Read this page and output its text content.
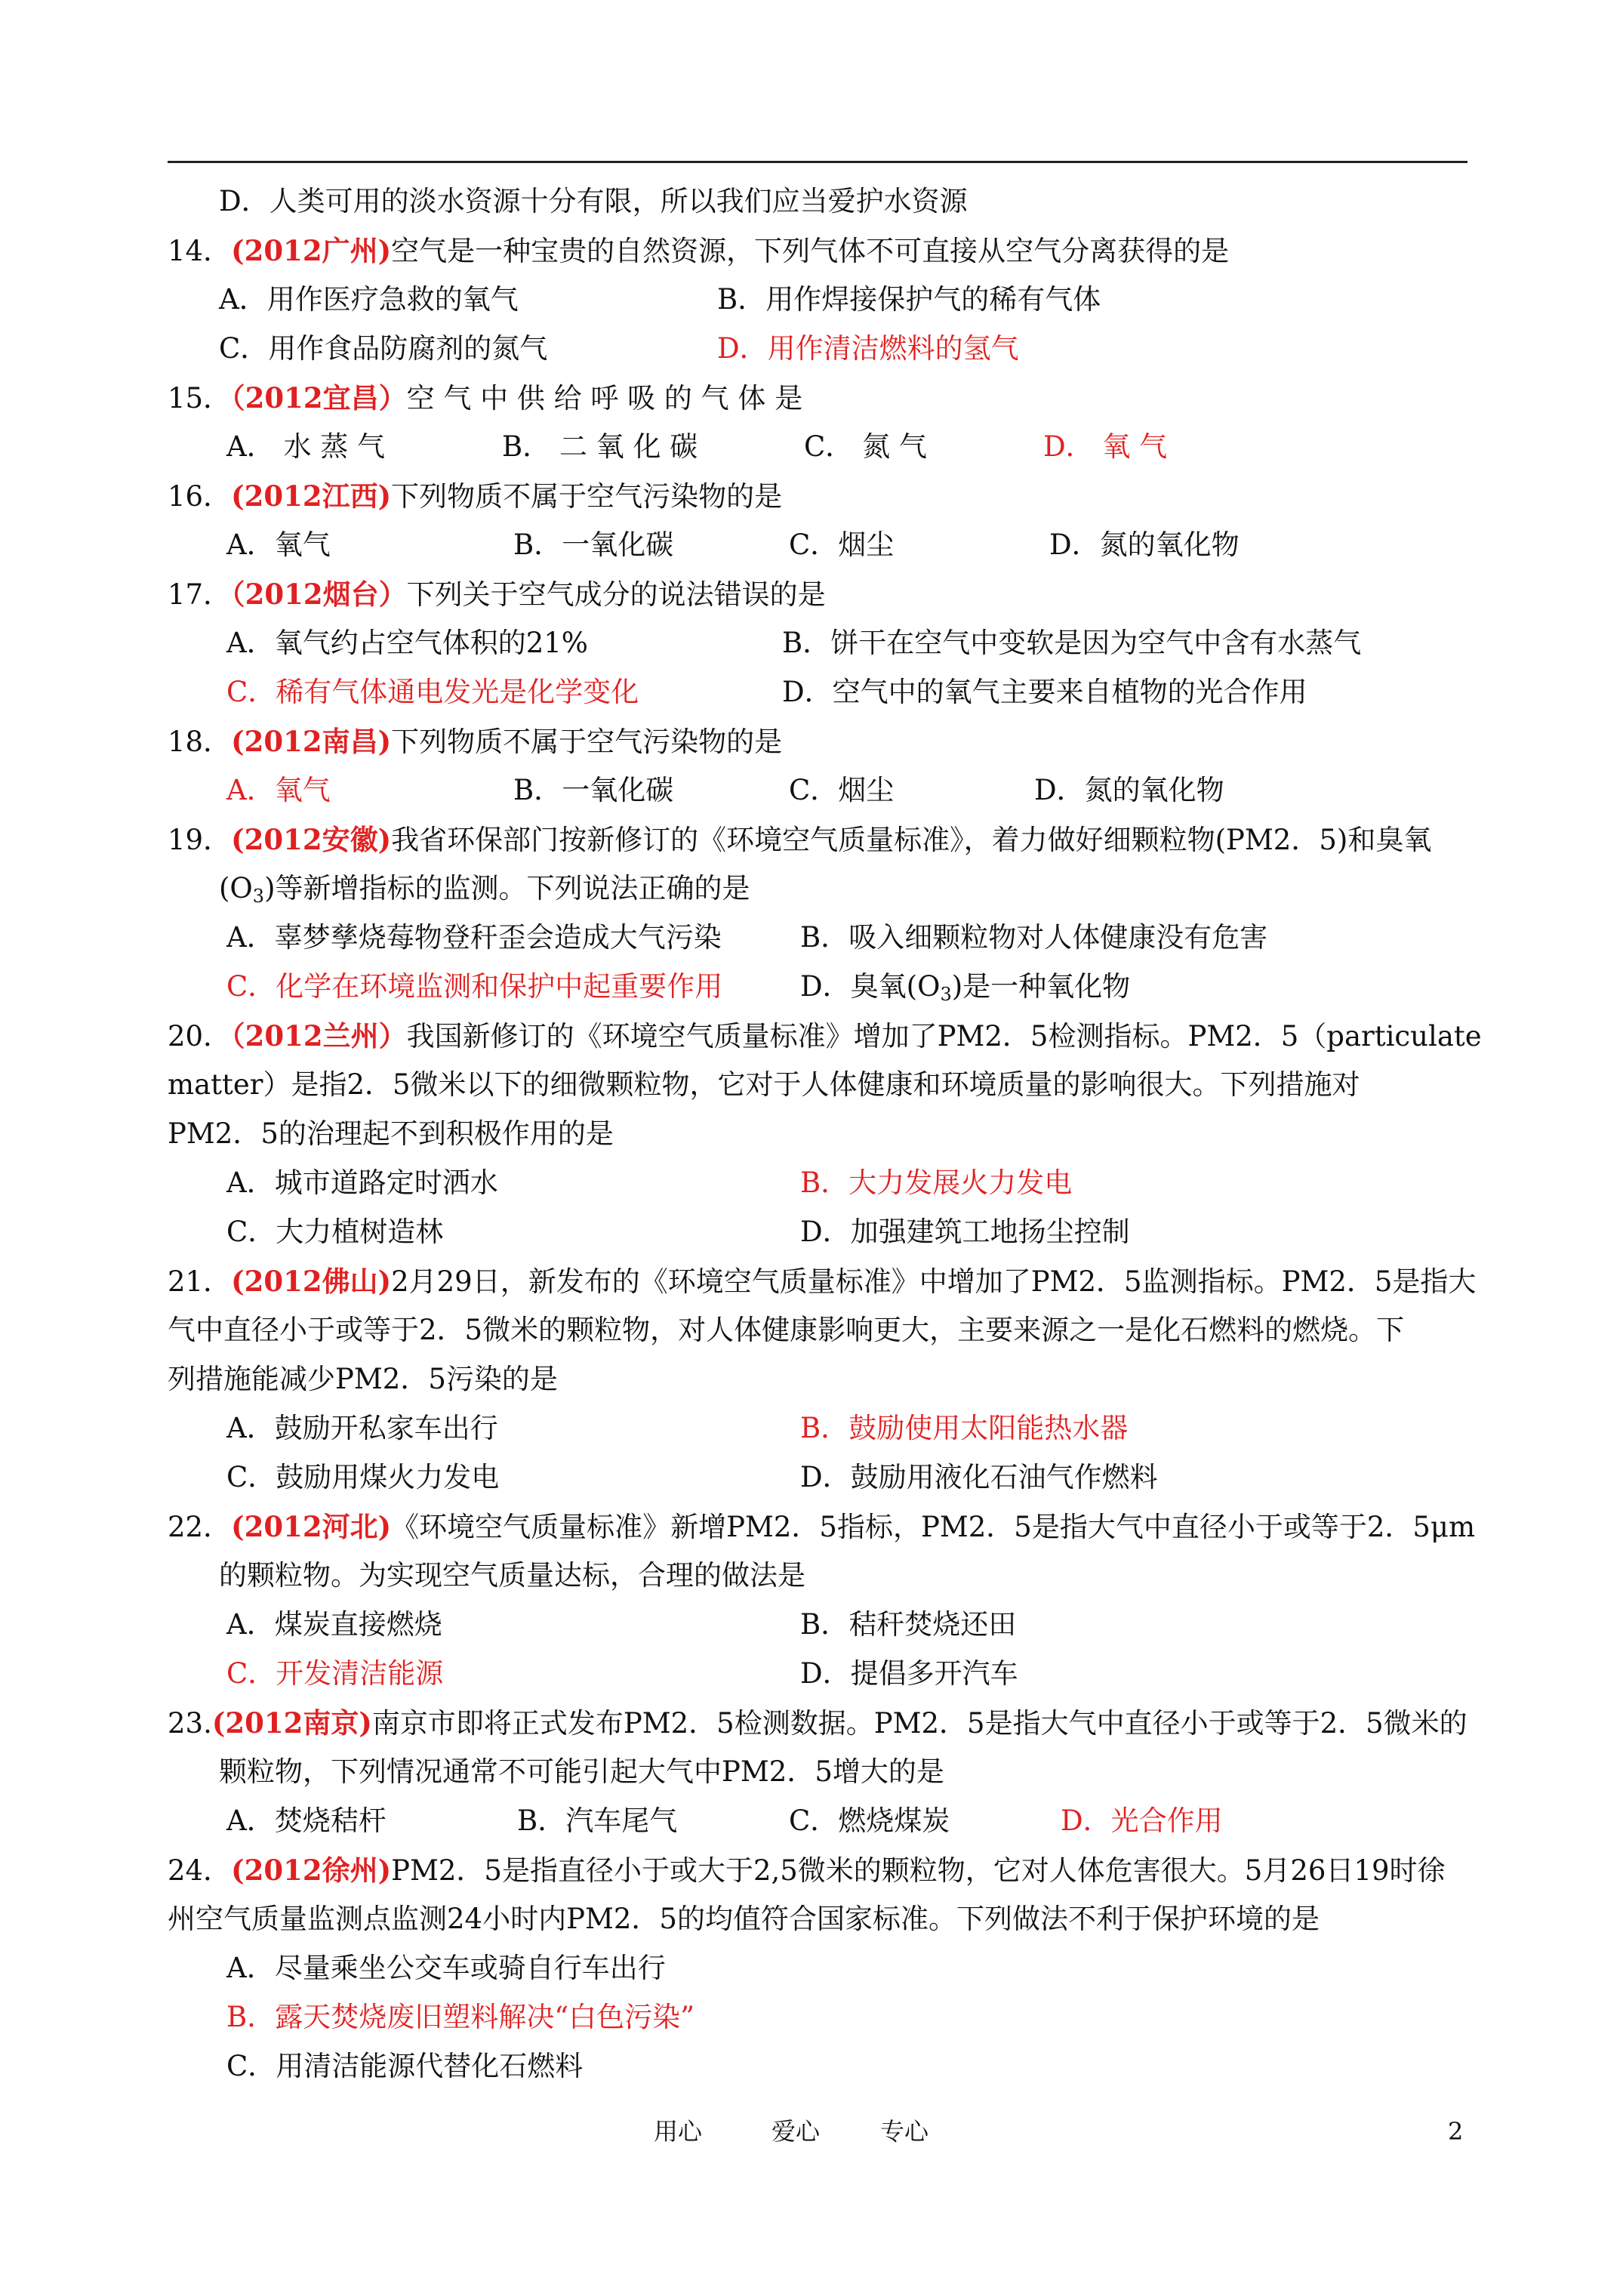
D．人类可用的淡水资源十分有限，所以我们应当爱护水资源
14．(2012广州)空气是一种宝贵的自然资源，下列气体不可直接从空气分离获得的是
A．用作医疗急救的氧气	B．用作焊接保护气的稀有气体
C．用作食品防腐剂的氮气	D．用作清洁燃料的氢气
15．（2012宜昌）空 气 中 供 给 呼 吸 的 气 体 是
A． 水 蒸 气	B． 二 氧 化 碳	C． 氮 气	D． 氧 气
16．(2012江西)下列物质不属于空气污染物的是
A．氧气	B．一氧化碳	C．烟尘	D．氮的氧化物
17．（2012烟台）下列关于空气成分的说法错误的是
A．氧气约占空气体积的21%	B．饼干在空气中变软是因为空气中含有水蒸气
C．稀有气体通电发光是化学变化	D．空气中的氧气主要来自植物的光合作用
18．(2012南昌)下列物质不属于空气污染物的是
A．氧气	B．一氧化碳	C．烟尘	D．氮的氧化物
19．(2012安徽)我省环保部门按新修订的《环境空气质量标准》，着力做好细颗粒物(PM2．5)和臭氧
$(O_3)$等新增指标的监测。下列说法正确的是
A．辜梦孳烧莓物登秆歪会造成大气污染	B．吸入细颗粒物对人体健康没有危害
C．化学在环境监测和保护中起重要作用	D．臭氧$(O_3)$是一种氧化物
20．（2012兰州）我国新修订的《环境空气质量标准》增加了PM2．5检测指标。PM2．5（particulate
matter）是指2．5微米以下的细微颗粒物，它对于人体健康和环境质量的影响很大。下列措施对
PM2．5的治理起不到积极作用的是
A．城市道路定时洒水	B．大力发展火力发电
C．大力植树造林	D．加强建筑工地扬尘控制
21．(2012佛山)2月29日，新发布的《环境空气质量标准》中增加了PM2．5监测指标。PM2．5是指大
气中直径小于或等于2．5微米的颗粒物，对人体健康影响更大，主要来源之一是化石燃料的燃烧。下
列措施能减少PM2．5污染的是
A．鼓励开私家车出行	B．鼓励使用太阳能热水器
C．鼓励用煤火力发电	D．鼓励用液化石油气作燃料
22．(2012河北)《环境空气质量标准》新增PM2．5指标，PM2．5是指大气中直径小于或等于2．5μm
的颗粒物。为实现空气质量达标，合理的做法是
A．煤炭直接燃烧	B．秸秆焚烧还田
C．开发清洁能源	D．提倡多开汽车
23.(2012南京)南京市即将正式发布PM2．5检测数据。PM2．5是指大气中直径小于或等于2．5微米的
颗粒物，下列情况通常不可能引起大气中PM2．5增大的是
A．焚烧秸杆	B．汽车尾气	C．燃烧煤炭	D．光合作用
24．(2012徐州)PM2．5是指直径小于或大于2,5微米的颗粒物，它对人体危害很大。5月26日19时徐
州空气质量监测点监测24小时内PM2．5的均值符合国家标准。下列做法不利于保护环境的是
A．尽量乘坐公交车或骑自行车出行
B．露天焚烧废旧塑料解决“白色污染”
C．用清洁能源代替化石燃料
用心	爱心 专心	2
